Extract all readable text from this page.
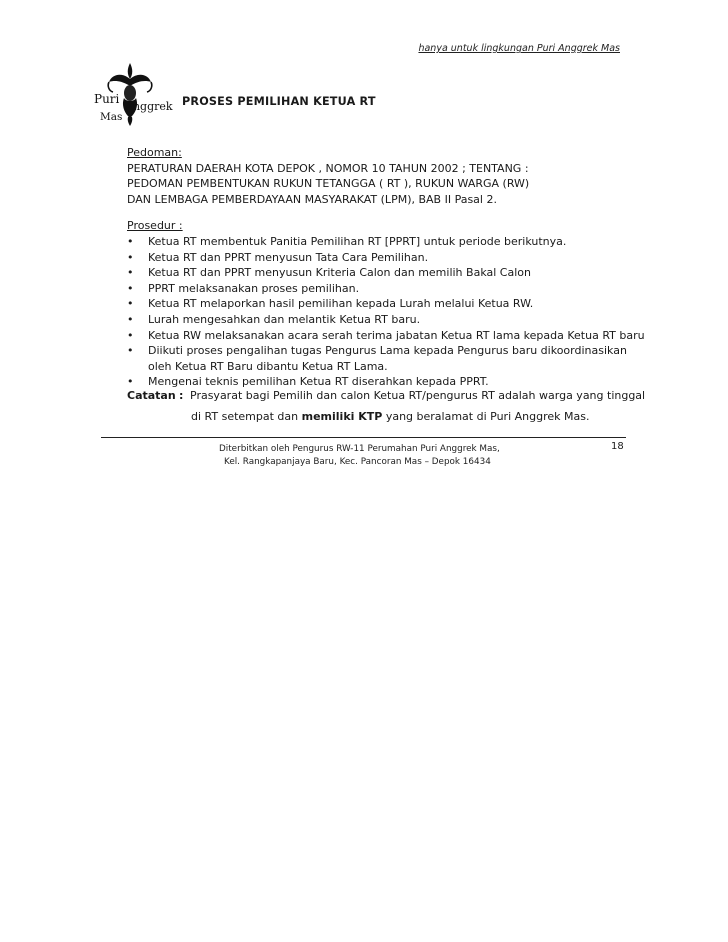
hanya untuk lingkungan Puri Anggrek Mas
Puri
Anggrek
Mas
PROSES PEMILIHAN KETUA RT
Pedoman:
PERATURAN DAERAH KOTA DEPOK , NOMOR 10 TAHUN 2002 ; TENTANG :
PEDOMAN PEMBENTUKAN RUKUN TETANGGA ( RT ), RUKUN WARGA (RW)
DAN LEMBAGA PEMBERDAYAAN MASYARAKAT (LPM), BAB II Pasal 2.
Prosedur :
• Ketua RT membentuk Panitia Pemilihan RT [PPRT] untuk periode berikutnya.
• Ketua RT dan PPRT menyusun Tata Cara Pemilihan.
• Ketua RT dan PPRT menyusun Kriteria Calon dan memilih Bakal Calon
• PPRT melaksanakan proses pemilihan.
• Ketua RT melaporkan hasil pemilihan kepada Lurah melalui Ketua RW.
• Lurah mengesahkan dan melantik Ketua RT baru.
• Ketua RW melaksanakan acara serah terima jabatan Ketua RT lama kepada Ketua RT baru
• Diikuti proses pengalihan tugas Pengurus Lama kepada Pengurus baru dikoordinasikan oleh Ketua RT Baru dibantu Ketua RT Lama.
• Mengenai teknis pemilihan Ketua RT diserahkan kepada PPRT.
Catatan : Prasyarat bagi Pemilih dan calon Ketua RT/pengurus RT adalah warga yang tinggal
di RT setempat dan memiliki KTP yang beralamat di Puri Anggrek Mas.
Diterbitkan oleh Pengurus RW-11 Perumahan Puri Anggrek Mas,
Kel. Rangkapanjaya Baru, Kec. Pancoran Mas – Depok 16434
18
